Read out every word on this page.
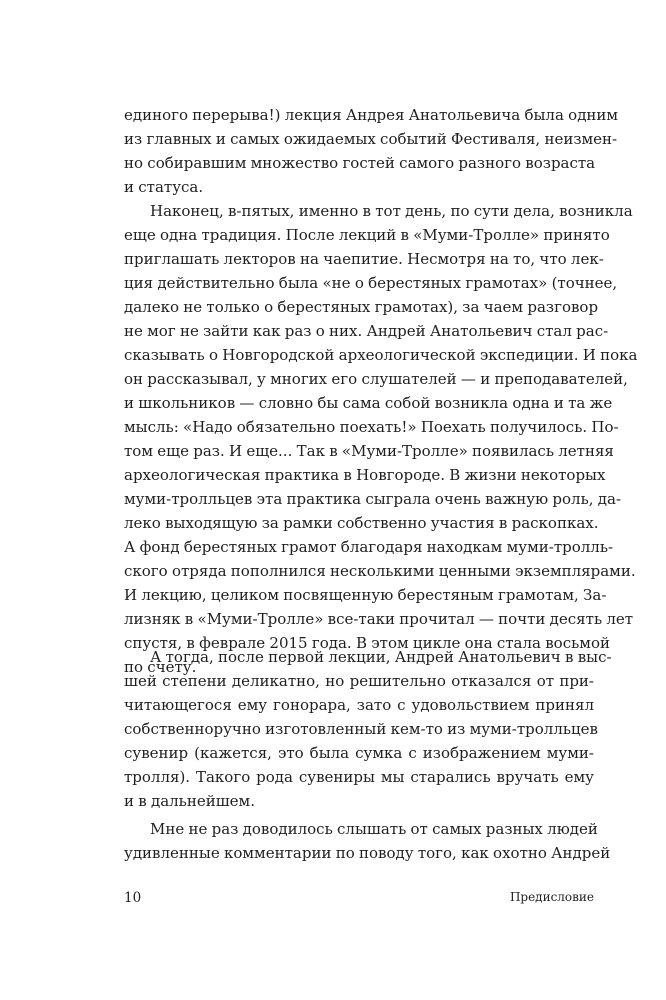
единого перерыва!) лекция Андрея Анатольевича была одним
из главных и самых ожидаемых событий Фестиваля, неизмен-
но собиравшим множество гостей самого разного возраста
и статуса.
Наконец, в-пятых, именно в тот день, по сути дела, возникла
еще одна традиция. После лекций в «Муми-Тролле» принято
приглашать лекторов на чаепитие. Несмотря на то, что лек-
ция действительно была «не о берестяных грамотах» (точнее,
далеко не только о берестяных грамотах), за чаем разговор
не мог не зайти как раз о них. Андрей Анатольевич стал рас-
сказывать о Новгородской археологической экспедиции. И пока
он рассказывал, у многих его слушателей — и преподавателей,
и школьников — словно бы сама собой возникла одна и та же
мысль: «Надо обязательно поехать!» Поехать получилось. По-
том еще раз. И еще... Так в «Муми-Тролле» появилась летняя
археологическая практика в Новгороде. В жизни некоторых
муми-тролльцев эта практика сыграла очень важную роль, да-
леко выходящую за рамки собственно участия в раскопках.
А фонд берестяных грамот благодаря находкам муми-тролль-
ского отряда пополнился несколькими ценными экземплярами.
И лекцию, целиком посвященную берестяным грамотам, За-
лизняк в «Муми-Тролле» все-таки прочитал — почти десять лет
спустя, в феврале 2015 года. В этом цикле она стала восьмой
по счету.
А тогда, после первой лекции, Андрей Анатольевич в выс-
шей степени деликатно, но решительно отказался от при-
читающегося ему гонорара, зато с удовольствием принял
собственноручно изготовленный кем-то из муми-тролльцев
сувенир (кажется, это была сумка с изображением муми-
тролля). Такого рода сувениры мы старались вручать ему
и в дальнейшем.
Мне не раз доводилось слышать от самых разных людей
удивленные комментарии по поводу того, как охотно Андрей
10	Предисловие
